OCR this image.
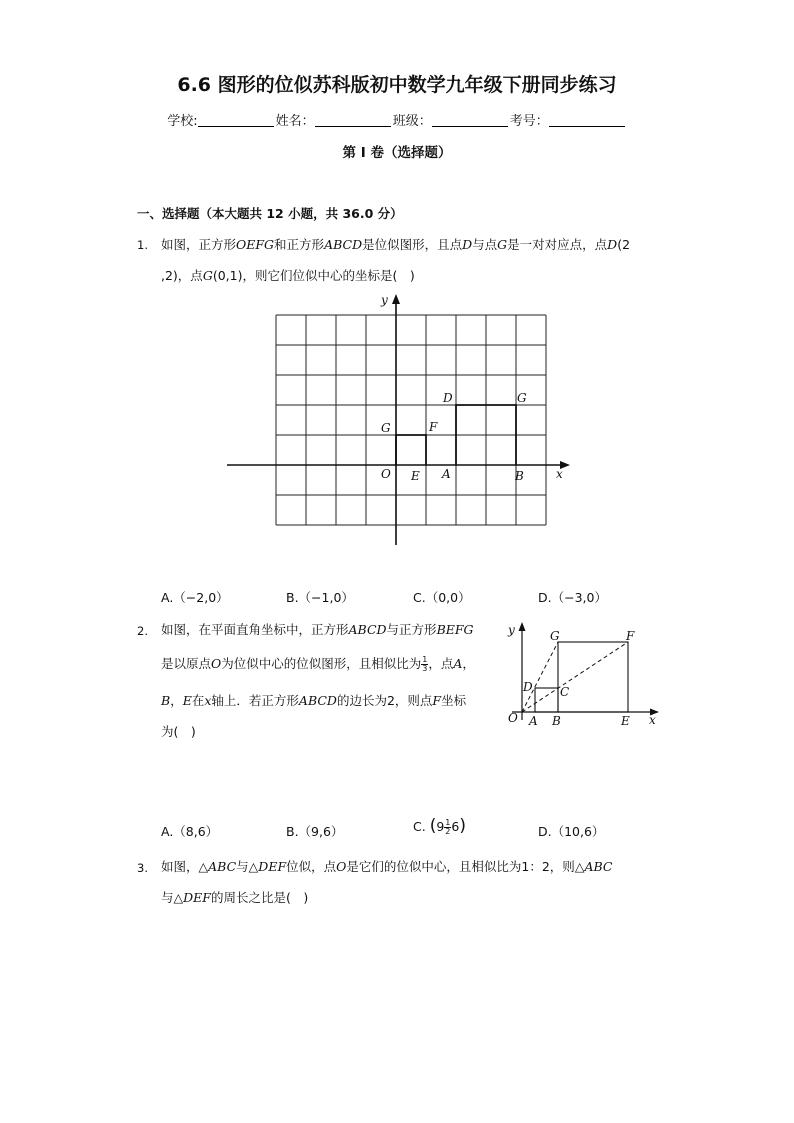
6.6 图形的位似苏科版初中数学九年级下册同步练习
学校:	姓名：	班级：	考号：
第 I 卷（选择题）
一、选择题（本大题共 12 小题，共 36.0 分）
1. 如图，正方形OEFG和正方形ABCD是位似图形，且点D与点G是一对对应点，点D(2
,2)，点G(0,1)，则它们位似中心的坐标是(　)
y
x
O E A	B
G	F
D	G
A.（−2,0）	B.（−1,0）	C.（0,0）	D.（−3,0）
2. 如图，在平面直角坐标中，正方形ABCD与正方形BEFG
是以原点O为位似中心的位似图形，且相似比为 $\frac{1}{3}$ ，点A，
B，E在x轴上．若正方形ABCD的边长为2，则点F坐标
为(　)
y
x
O A B	E
D C
G	F
A.（8,6）	B.（9,6）	C. $(9 \frac{1}{2} 6)$	D.（10,6）
3. 如图，△ABC与△DEF位似，点O是它们的位似中心，且相似比为1：2，则△ABC
与△DEF的周长之比是(　)
